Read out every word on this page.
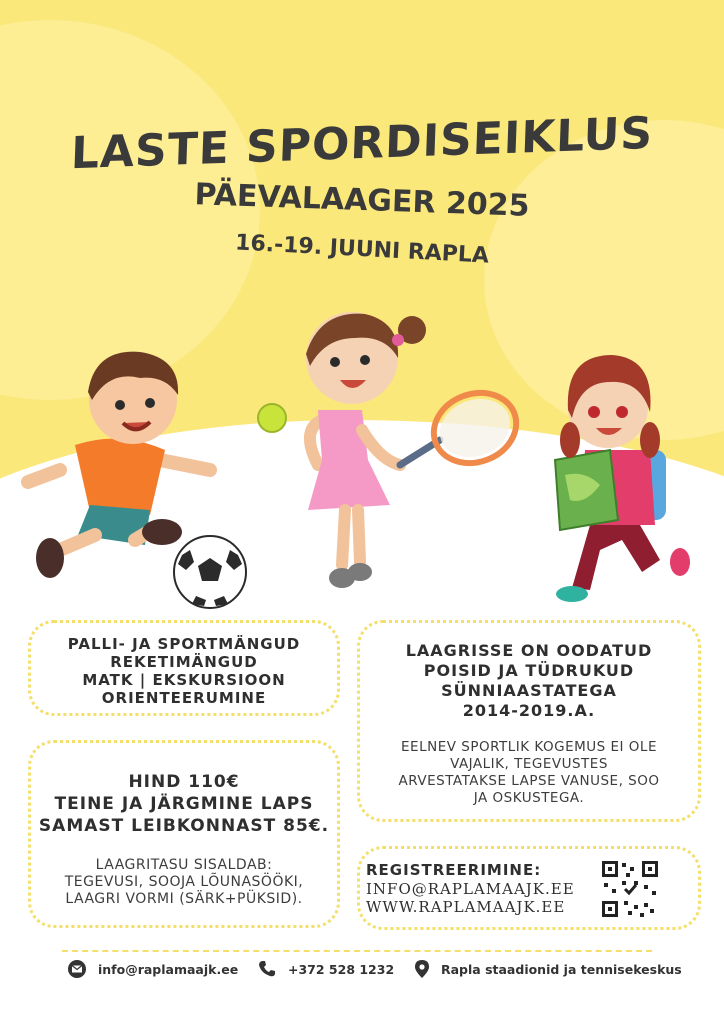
LASTE SPORDISEIKLUS
PÄEVALAAGER 2025
16.-19. JUUNI RAPLA
PALLI- JA SPORTMÄNGUD
REKETIMÄNGUD
MATK | EKSKURSIOON
ORIENTEERUMINE
HIND 110€
TEINE JA JÄRGMINE LAPS
SAMAST LEIBKONNAST 85€.
LAAGRITASU SISALDAB:
TEGEVUSI, SOOJA LÕUNASÖÖKI,
LAAGRI VORMI (SÄRK+PÜKSID).
LAAGRISSE ON OODATUD
POISID JA TÜDRUKUD
SÜNNIAASTATEGA
2014-2019.A.
EELNEV SPORTLIK KOGEMUS EI OLE
VAJALIK, TEGEVUSTES
ARVESTATAKSE LAPSE VANUSE, SOO
JA OSKUSTEGA.
REGISTREERIMINE:
INFO@RAPLAMAAJK.EE
WWW.RAPLAMAAJK.EE
info@raplamaajk.ee	+372 528 1232	Rapla staadionid ja tennisekeskus
